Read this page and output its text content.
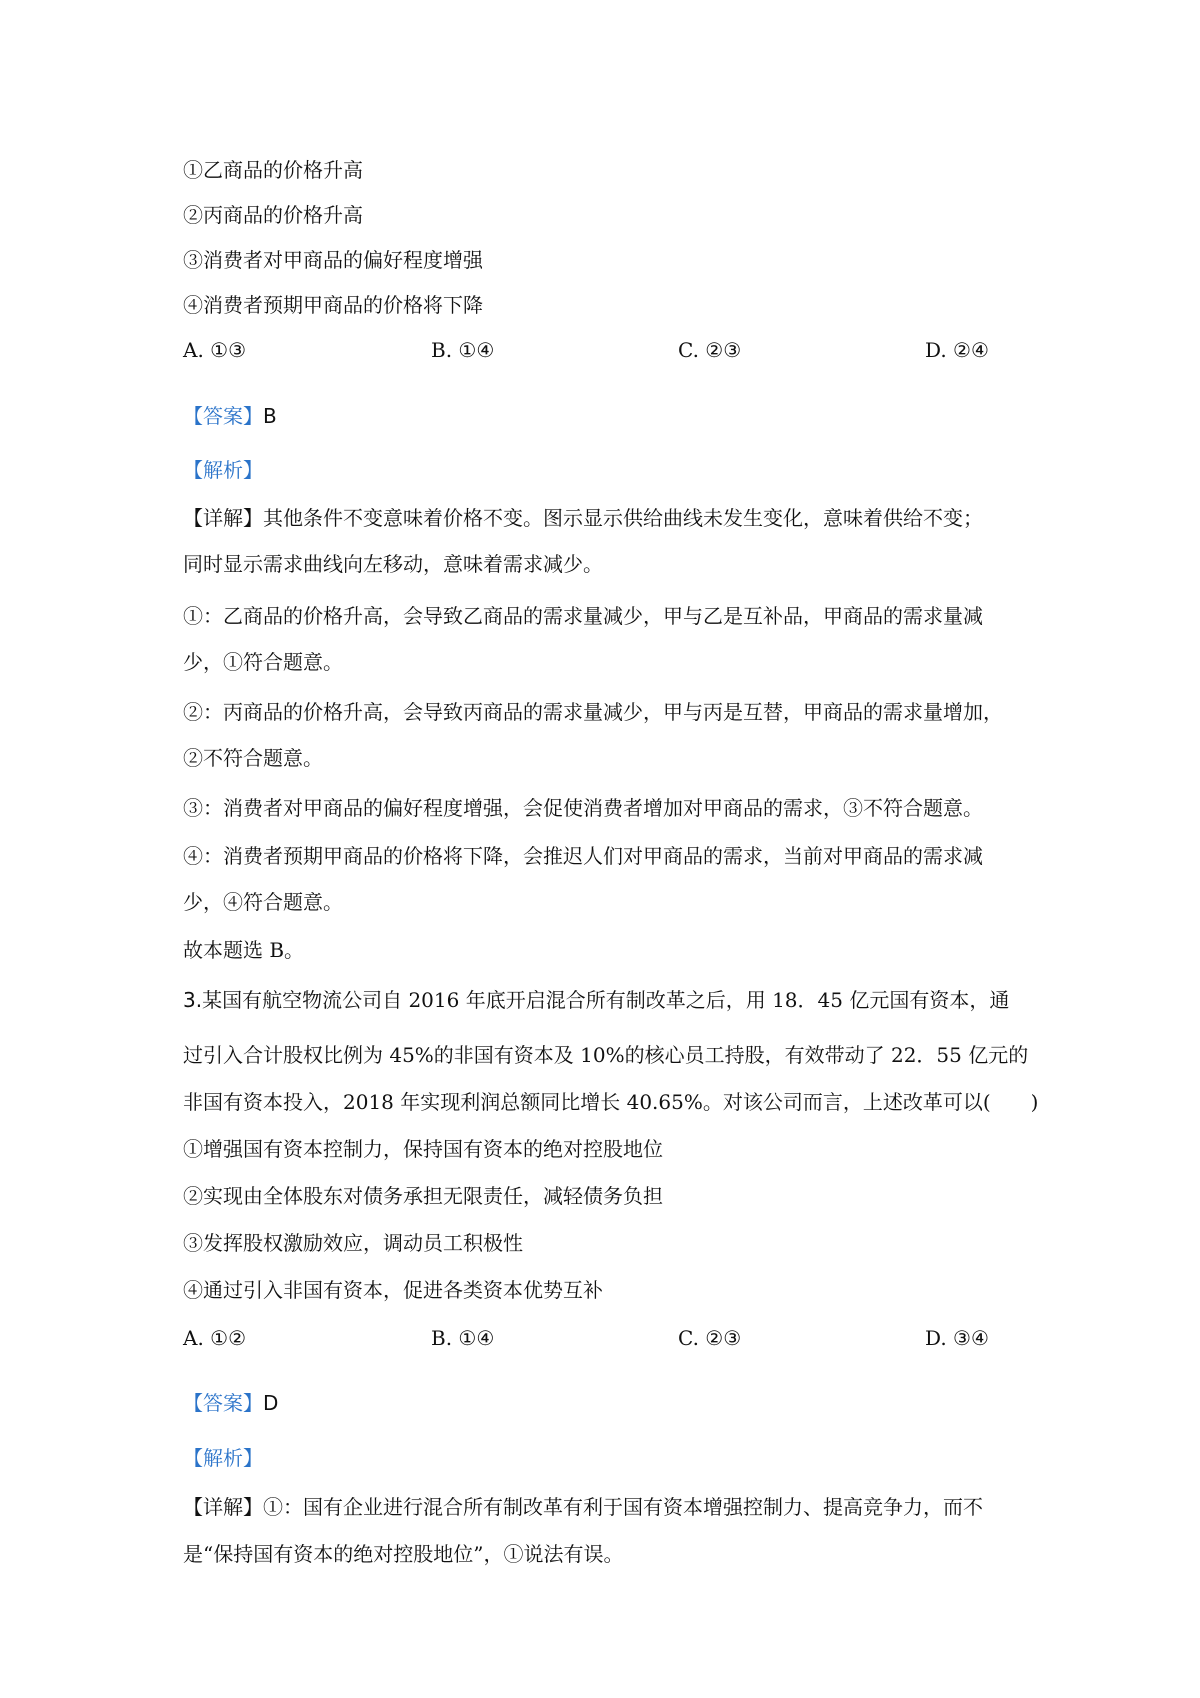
①乙商品的价格升高

②丙商品的价格升高

③消费者对甲商品的偏好程度增强

④消费者预期甲商品的价格将下降

A. ①③	B. ①④	C. ②③	D. ②④

【答案】B

【解析】

【详解】其他条件不变意味着价格不变。图示显示供给曲线未发生变化，意味着供给不变；

同时显示需求曲线向左移动，意味着需求减少。

①：乙商品的价格升高，会导致乙商品的需求量减少，甲与乙是互补品，甲商品的需求量减

少，①符合题意。

②：丙商品的价格升高，会导致丙商品的需求量减少，甲与丙是互替，甲商品的需求量增加，

②不符合题意。

③：消费者对甲商品的偏好程度增强，会促使消费者增加对甲商品的需求，③不符合题意。

④：消费者预期甲商品的价格将下降，会推迟人们对甲商品的需求，当前对甲商品的需求减

少，④符合题意。

故本题选 B。

3.某国有航空物流公司自 2016 年底开启混合所有制改革之后，用 18．45 亿元国有资本，通

过引入合计股权比例为 45%的非国有资本及 10%的核心员工持股，有效带动了 22．55 亿元的

非国有资本投入，2018 年实现利润总额同比增长 40.65%。对该公司而言，上述改革可以(　　)

①增强国有资本控制力，保持国有资本的绝对控股地位

②实现由全体股东对债务承担无限责任，减轻债务负担

③发挥股权激励效应，调动员工积极性

④通过引入非国有资本，促进各类资本优势互补

A. ①②	B. ①④	C. ②③	D. ③④

【答案】D

【解析】

【详解】①：国有企业进行混合所有制改革有利于国有资本增强控制力、提高竞争力，而不

是“保持国有资本的绝对控股地位”，①说法有误。
